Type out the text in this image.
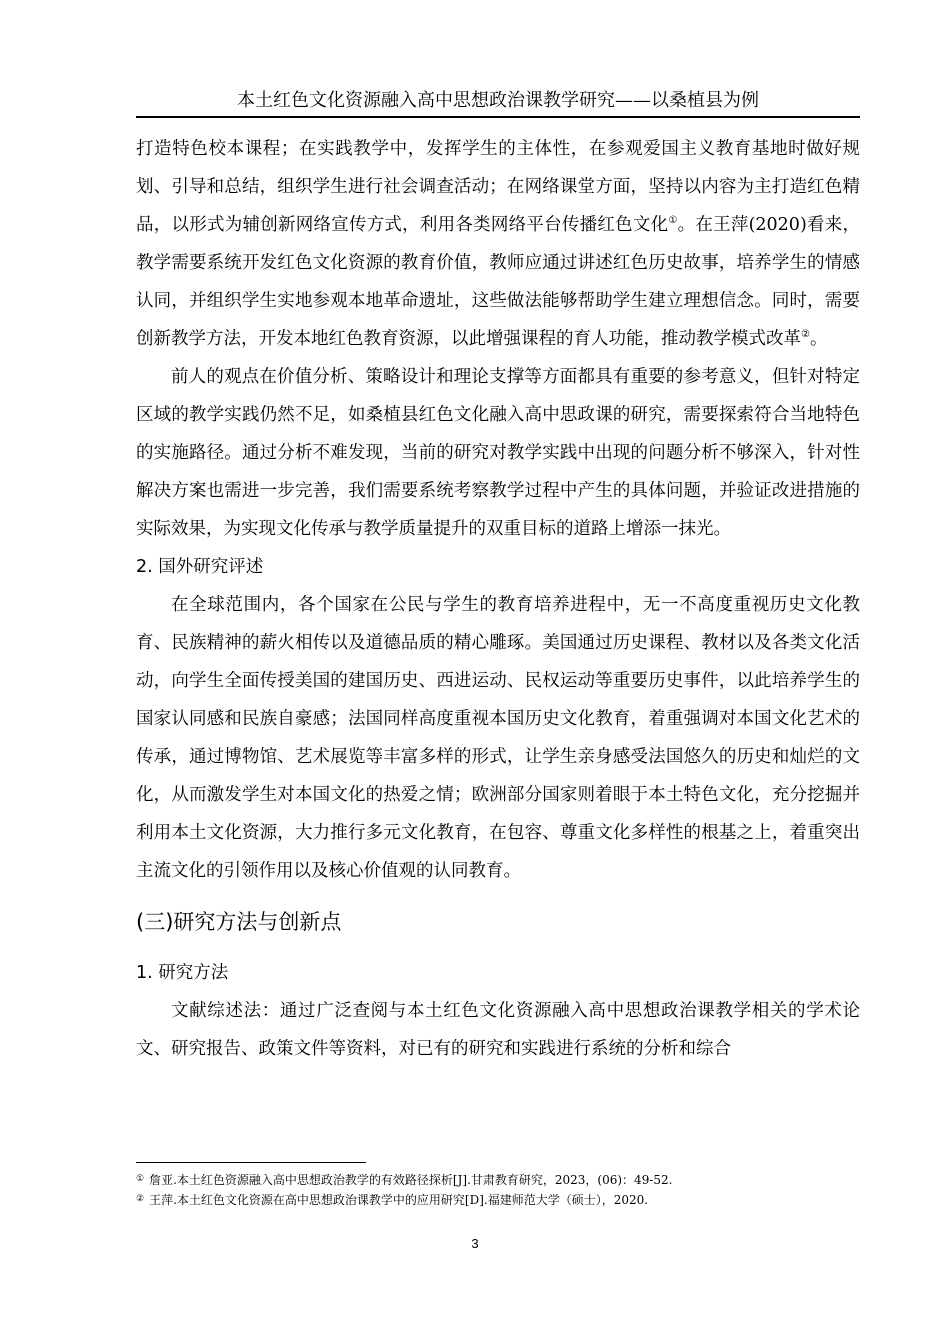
本土红色文化资源融入高中思想政治课教学研究——以桑植县为例

打造特色校本课程；在实践教学中，发挥学生的主体性，在参观爱国主义教育基地时做好规划、引导和总结，组织学生进行社会调查活动；在网络课堂方面，坚持以内容为主打造红色精品，以形式为辅创新网络宣传方式，利用各类网络平台传播红色文化①。在王萍(2020)看来，教学需要系统开发红色文化资源的教育价值，教师应通过讲述红色历史故事，培养学生的情感认同，并组织学生实地参观本地革命遗址，这些做法能够帮助学生建立理想信念。同时，需要创新教学方法，开发本地红色教育资源，以此增强课程的育人功能，推动教学模式改革②。

前人的观点在价值分析、策略设计和理论支撑等方面都具有重要的参考意义，但针对特定区域的教学实践仍然不足，如桑植县红色文化融入高中思政课的研究，需要探索符合当地特色的实施路径。通过分析不难发现，当前的研究对教学实践中出现的问题分析不够深入，针对性解决方案也需进一步完善，我们需要系统考察教学过程中产生的具体问题，并验证改进措施的实际效果，为实现文化传承与教学质量提升的双重目标的道路上增添一抹光。

2. 国外研究评述

在全球范围内，各个国家在公民与学生的教育培养进程中，无一不高度重视历史文化教育、民族精神的薪火相传以及道德品质的精心雕琢。美国通过历史课程、教材以及各类文化活动，向学生全面传授美国的建国历史、西进运动、民权运动等重要历史事件，以此培养学生的国家认同感和民族自豪感；法国同样高度重视本国历史文化教育，着重强调对本国文化艺术的传承，通过博物馆、艺术展览等丰富多样的形式，让学生亲身感受法国悠久的历史和灿烂的文化，从而激发学生对本国文化的热爱之情；欧洲部分国家则着眼于本土特色文化，充分挖掘并利用本土文化资源，大力推行多元文化教育，在包容、尊重文化多样性的根基之上，着重突出主流文化的引领作用以及核心价值观的认同教育。

(三)研究方法与创新点

1. 研究方法

文献综述法：通过广泛查阅与本土红色文化资源融入高中思想政治课教学相关的学术论文、研究报告、政策文件等资料，对已有的研究和实践进行系统的分析和综合

① 詹亚.本土红色资源融入高中思想政治教学的有效路径探析[J].甘肃教育研究，2023，(06)：49-52.

② 王萍.本土红色文化资源在高中思想政治课教学中的应用研究[D].福建师范大学（硕士），2020.

3
